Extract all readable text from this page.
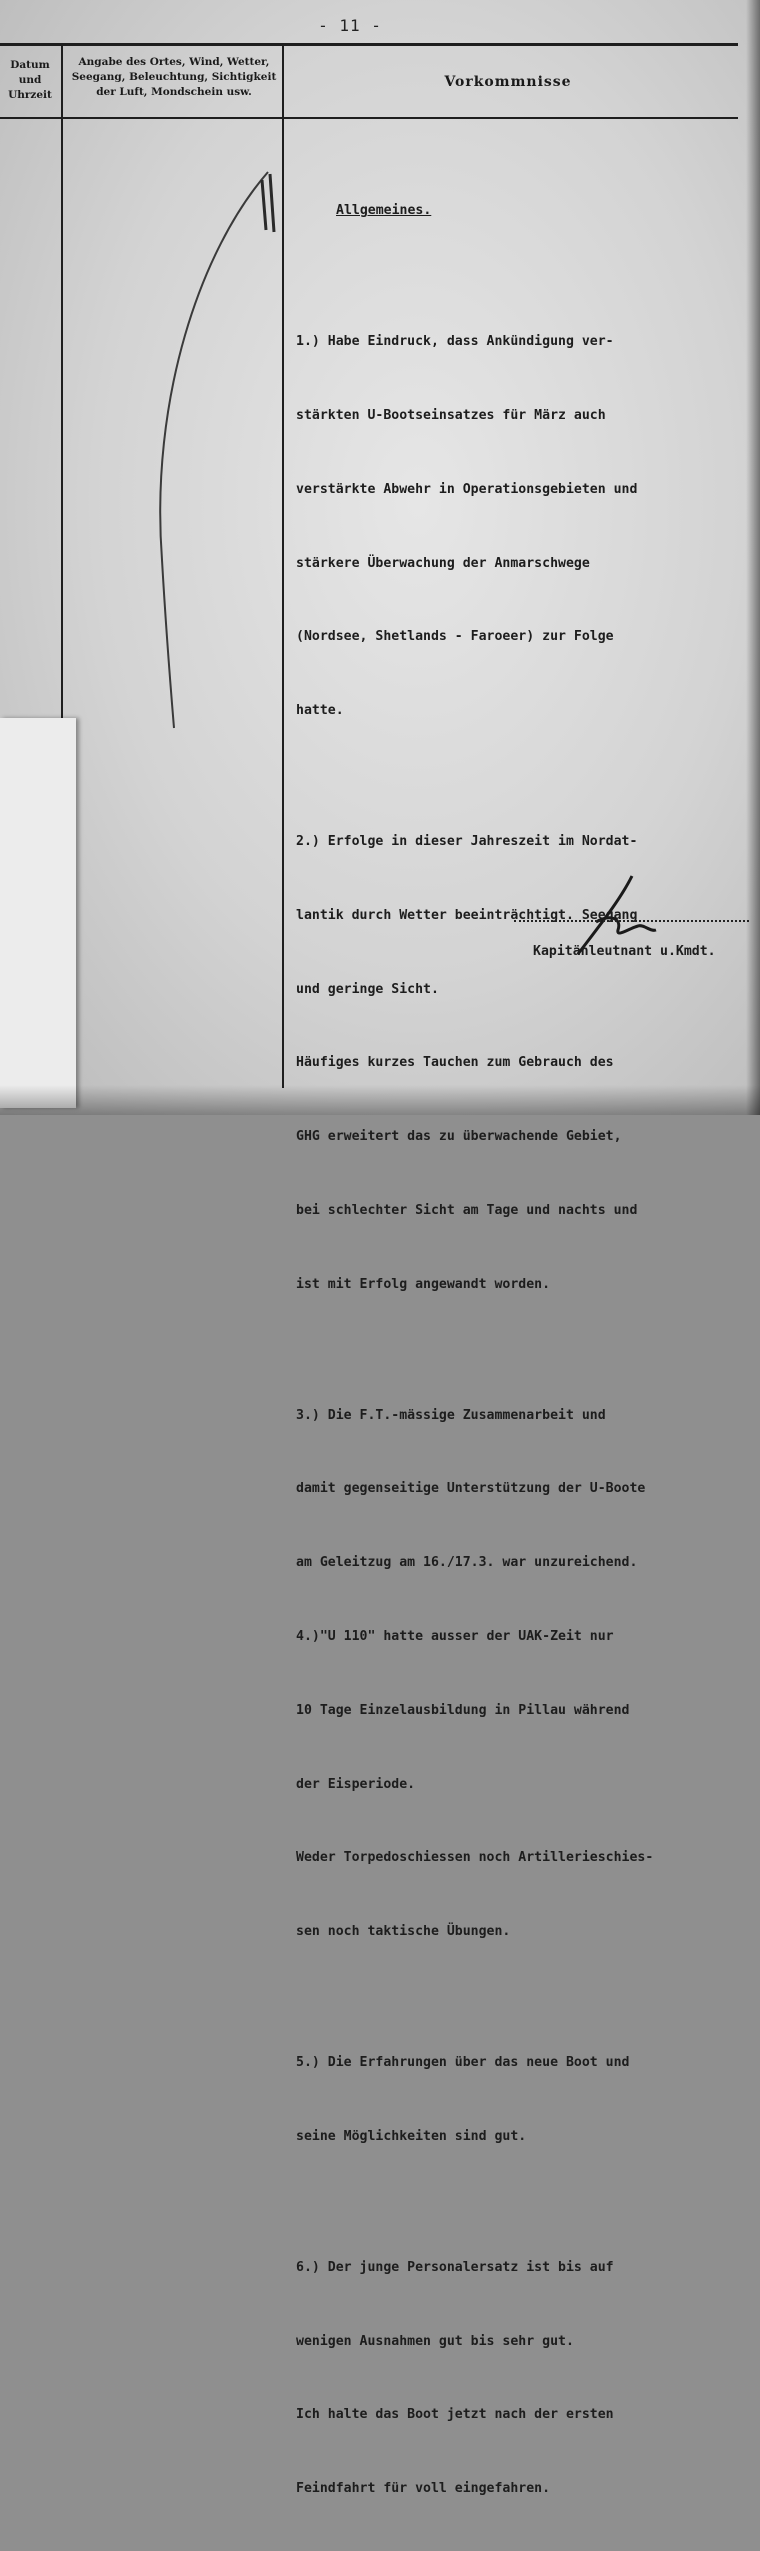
- 11 -
Datum und Uhrzeit
Angabe des Ortes, Wind, Wetter, Seegang, Beleuchtung, Sichtigkeit der Luft, Mondschein usw.
Vorkommnisse

Allgemeines.

1.) Habe Eindruck, dass Ankündigung ver-

stärkten U-Bootseinsatzes für März auch

verstärkte Abwehr in Operationsgebieten und

stärkere Überwachung der Anmarschwege

(Nordsee, Shetlands - Faroeer) zur Folge

hatte.

2.) Erfolge in dieser Jahreszeit im Nordat-

lantik durch Wetter beeinträchtigt. Seegang

und geringe Sicht.

Häufiges kurzes Tauchen zum Gebrauch des

GHG erweitert das zu überwachende Gebiet,

bei schlechter Sicht am Tage und nachts und

ist mit Erfolg angewandt worden.

3.) Die F.T.-mässige Zusammenarbeit und

damit gegenseitige Unterstützung der U-Boote

am Geleitzug am 16./17.3. war unzureichend.

4.)"U 110" hatte ausser der UAK-Zeit nur

10 Tage Einzelausbildung in Pillau während

der Eisperiode.

Weder Torpedoschiessen noch Artillerieschies-

sen noch taktische Übungen.

5.) Die Erfahrungen über das neue Boot und

seine Möglichkeiten sind gut.

6.) Der junge Personalersatz ist bis auf

wenigen Ausnahmen gut bis sehr gut.

Ich halte das Boot jetzt nach der ersten

Feindfahrt für voll eingefahren.

Kapitänleutnant u.Kmdt.
